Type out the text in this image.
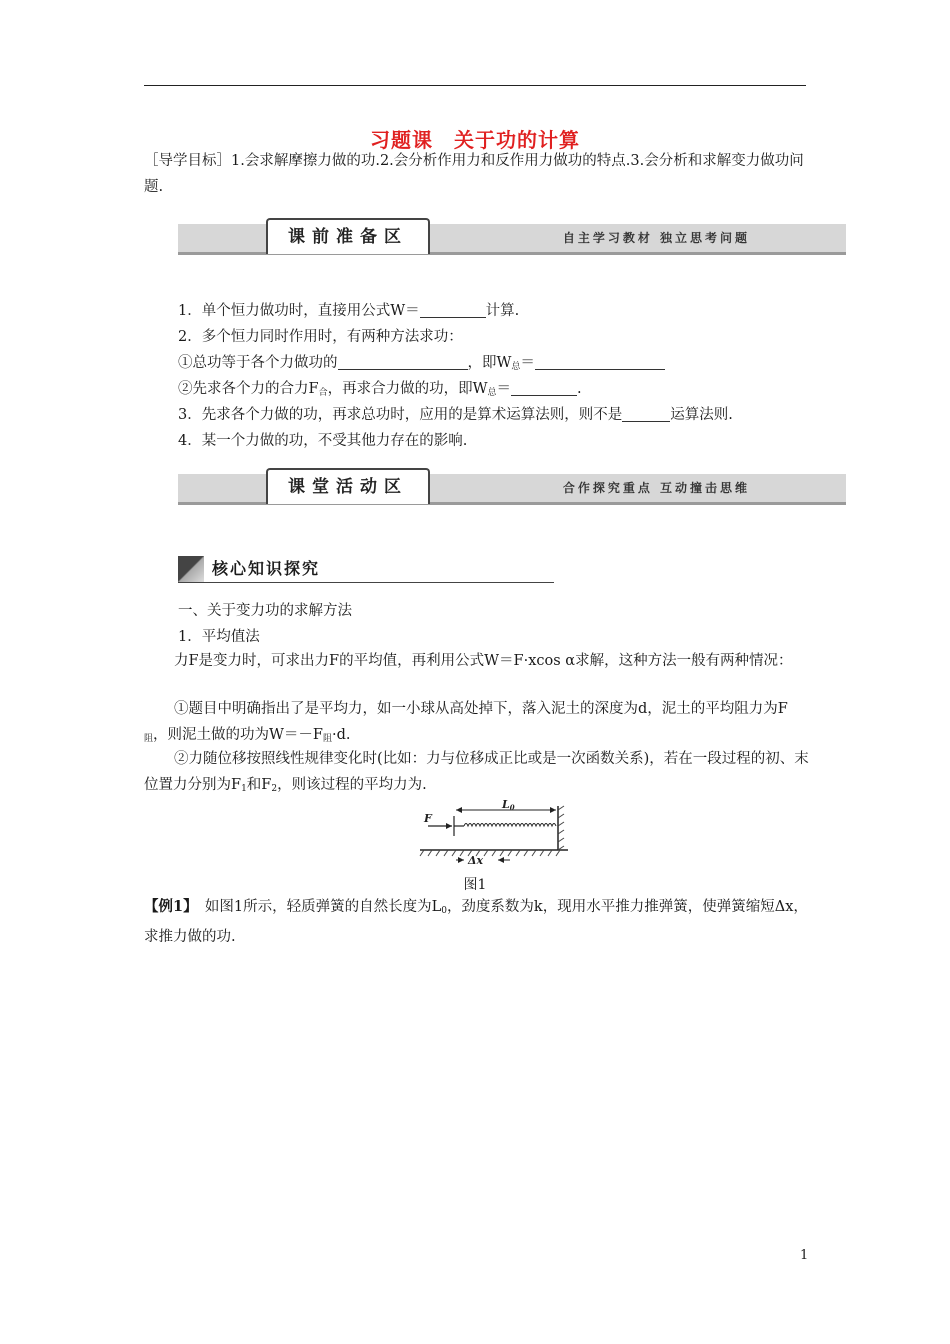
习题课　关于功的计算
［导学目标］1.会求解摩擦力做的功.2.会分析作用力和反作用力做功的特点.3.会分析和求解变力做功问题.
课前准备区	自主学习教材 独立思考问题
1．单个恒力做功时，直接用公式W＝	计算.
2．多个恒力同时作用时，有两种方法求功：
①总功等于各个力做功的	，即$W_总=$
②先求各个力的合力$F_合$，再求合力做的功，即$W_总=$	.
3．先求各个力做的功，再求总功时，应用的是算术运算法则，则不是	运算法则.
4．某一个力做的功，不受其他力存在的影响.
课堂活动区	合作探究重点 互动撞击思维
核心知识探究
一、关于变力功的求解方法
1．平均值法
力F是变力时，可求出力F的平均值，再利用公式W＝F·xcos α求解，这种方法一般有两种情况：
①题目中明确指出了是平均力，如一小球从高处掉下，落入泥土的深度为d，泥土的平均阻力为$F_阻$，则泥土做的功为$W=-F_阻\cdot d$.
②力随位移按照线性规律变化时(比如：力与位移成正比或是一次函数关系)，若在一段过程的初、末位置力分别为$F_1$和$F_2$，则该过程的平均力为.
F
L0
Δx
图1
【例1】　如图1所示，轻质弹簧的自然长度为$L_0$，劲度系数为k，现用水平推力推弹簧，使弹簧缩短Δx，求推力做的功.
1
